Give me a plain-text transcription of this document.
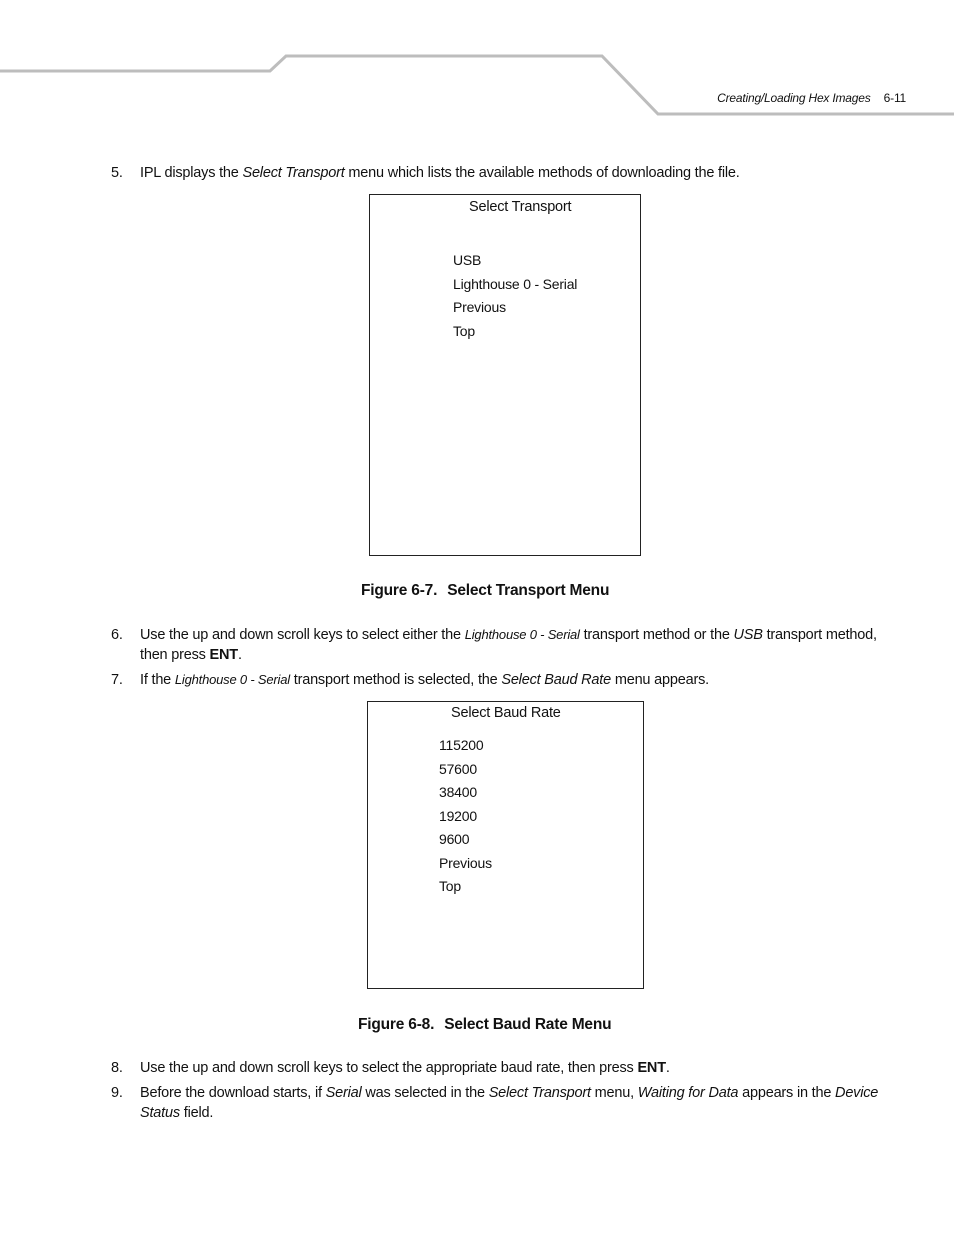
Creating/Loading Hex Images 6-11
5.	IPL displays the Select Transport menu which lists the available methods of downloading the file.
Select Transport
USB
Lighthouse 0 - Serial
Previous
Top
Figure 6-7. Select Transport Menu
6.	Use the up and down scroll keys to select either the Lighthouse 0 - Serial transport method or the USB transport method, then press ENT.
7.	If the Lighthouse 0 - Serial transport method is selected, the Select Baud Rate menu appears.
Select Baud Rate
115200
57600
38400
19200
9600
Previous
Top
Figure 6-8. Select Baud Rate Menu
8.	Use the up and down scroll keys to select the appropriate baud rate, then press ENT.
9.	Before the download starts, if Serial was selected in the Select Transport menu, Waiting for Data appears in the Device Status field.
